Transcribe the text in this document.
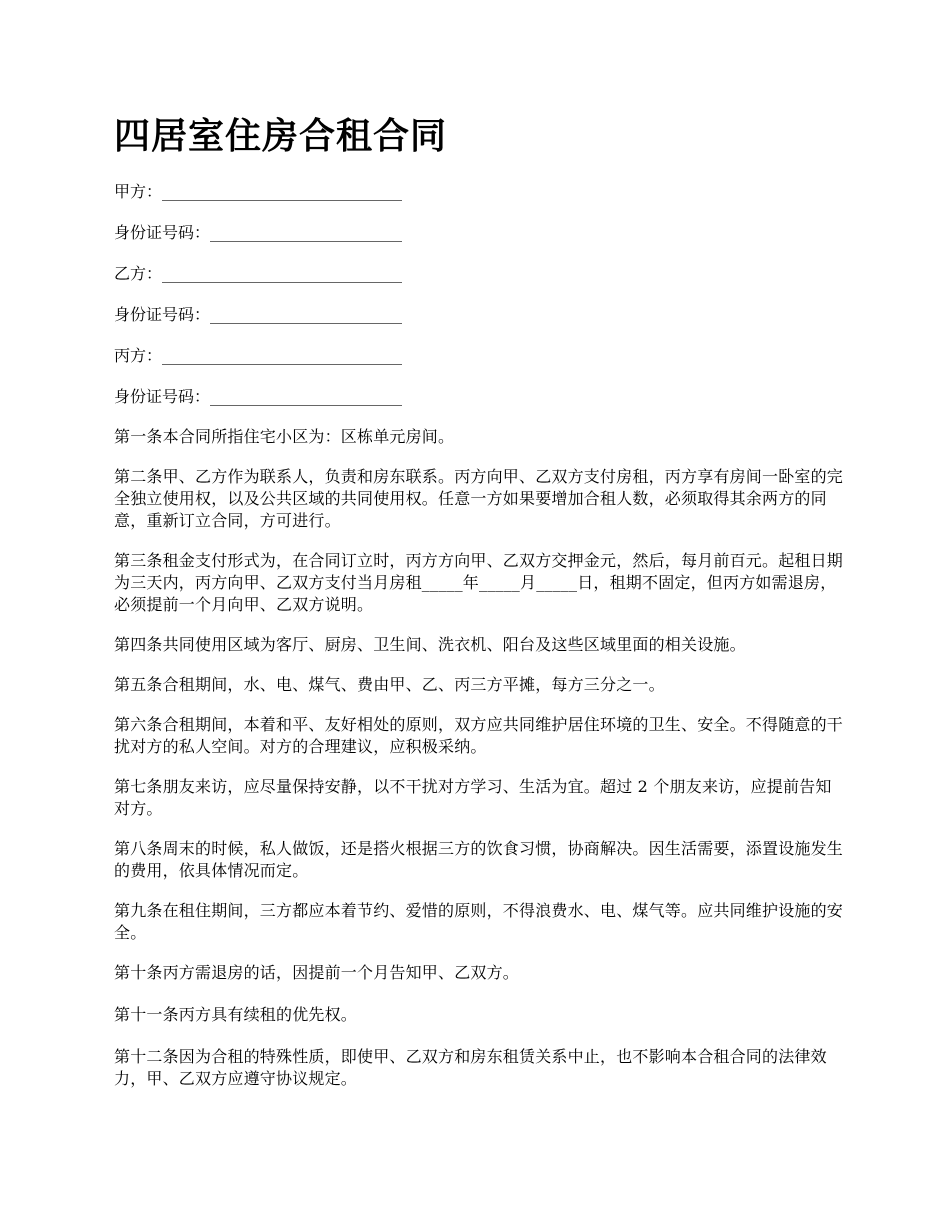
四居室住房合租合同

甲方：______________________________

身份证号码：________________________

乙方：______________________________

身份证号码：________________________

丙方：______________________________

身份证号码：________________________

第一条本合同所指住宅小区为：区栋单元房间。

第二条甲、乙方作为联系人，负责和房东联系。丙方向甲、乙双方支付房租，丙方享有房间一卧室的完全独立使用权，以及公共区域的共同使用权。任意一方如果要增加合租人数，必须取得其余两方的同意，重新订立合同，方可进行。

第三条租金支付形式为，在合同订立时，丙方方向甲、乙双方交押金元，然后，每月前百元。起租日期为三天内，丙方向甲、乙双方支付当月房租_____年_____月_____日，租期不固定，但丙方如需退房，必须提前一个月向甲、乙双方说明。

第四条共同使用区域为客厅、厨房、卫生间、洗衣机、阳台及这些区域里面的相关设施。

第五条合租期间，水、电、煤气、费由甲、乙、丙三方平摊，每方三分之一。

第六条合租期间，本着和平、友好相处的原则，双方应共同维护居住环境的卫生、安全。不得随意的干扰对方的私人空间。对方的合理建议，应积极采纳。

第七条朋友来访，应尽量保持安静，以不干扰对方学习、生活为宜。超过 2 个朋友来访，应提前告知对方。

第八条周末的时候，私人做饭，还是搭火根据三方的饮食习惯，协商解决。因生活需要，添置设施发生的费用，依具体情况而定。

第九条在租住期间，三方都应本着节约、爱惜的原则，不得浪费水、电、煤气等。应共同维护设施的安全。

第十条丙方需退房的话，因提前一个月告知甲、乙双方。

第十一条丙方具有续租的优先权。

第十二条因为合租的特殊性质，即使甲、乙双方和房东租赁关系中止，也不影响本合租合同的法律效力，甲、乙双方应遵守协议规定。
